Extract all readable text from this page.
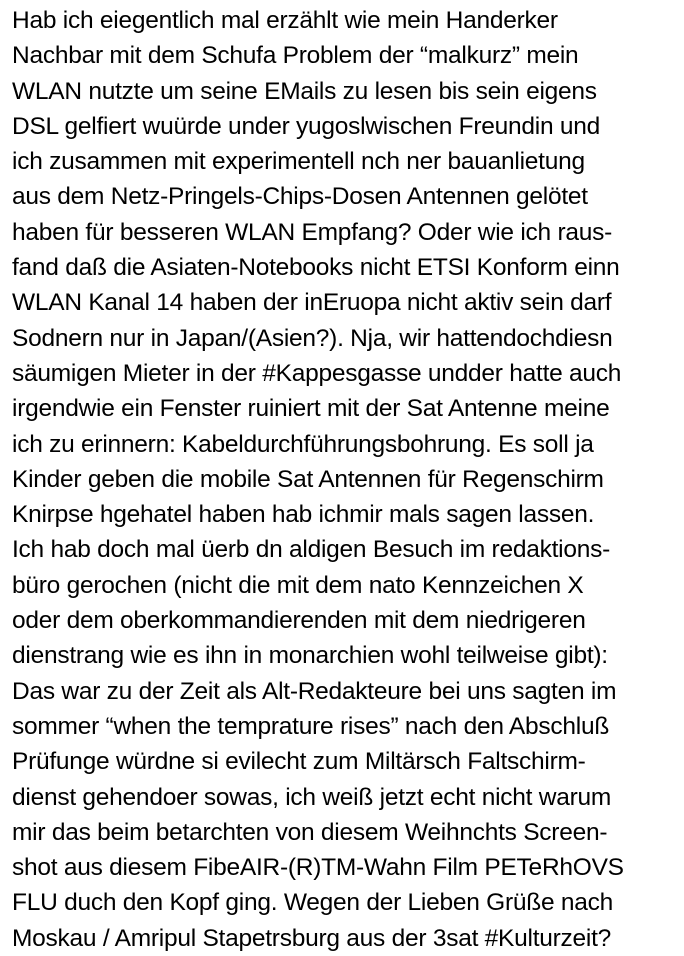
Hab ich eiegentlich mal erzählt wie mein Handerker
Nachbar mit dem Schufa Problem der “malkurz” mein
WLAN nutzte um seine EMails zu lesen bis sein eigens
DSL gelfiert wuürde under yugoslwischen Freundin und
ich zusammen mit experimentell nch ner bauanlietung
aus dem Netz-Pringels-Chips-Dosen Antennen gelötet
haben für besseren WLAN Empfang? Oder wie ich raus-
fand daß die Asiaten-Notebooks nicht ETSI Konform einn
WLAN Kanal 14 haben der inEruopa nicht aktiv sein darf
Sodnern nur in Japan/(Asien?). Nja, wir hattendochdiesn
säumigen Mieter in der #Kappesgasse undder hatte auch
irgendwie ein Fenster ruiniert mit der Sat Antenne meine
ich zu erinnern: Kabeldurchführungsbohrung. Es soll ja
Kinder geben die mobile Sat Antennen für Regenschirm
Knirpse hgehatel haben hab ichmir mals sagen lassen.
Ich hab doch mal üerb dn aldigen Besuch im redaktions-
büro gerochen (nicht die mit dem nato Kennzeichen X
oder dem oberkommandierenden mit dem niedrigeren
dienstrang wie es ihn in monarchien wohl teilweise gibt):
Das war zu der Zeit als Alt-Redakteure bei uns sagten im
sommer “when the temprature rises” nach den Abschluß
Prüfunge würdne si evilecht zum Miltärsch Faltschirm-
dienst gehendoer sowas, ich weiß jetzt echt nicht warum
mir das beim betarchten von diesem Weihnchts Screen-
shot aus diesem FibeAIR-(R)TM-Wahn Film PETeRhOVS
FLU duch den Kopf ging. Wegen der Lieben Grüße nach
Moskau / Amripul Stapetrsburg aus der 3sat #Kulturzeit?
